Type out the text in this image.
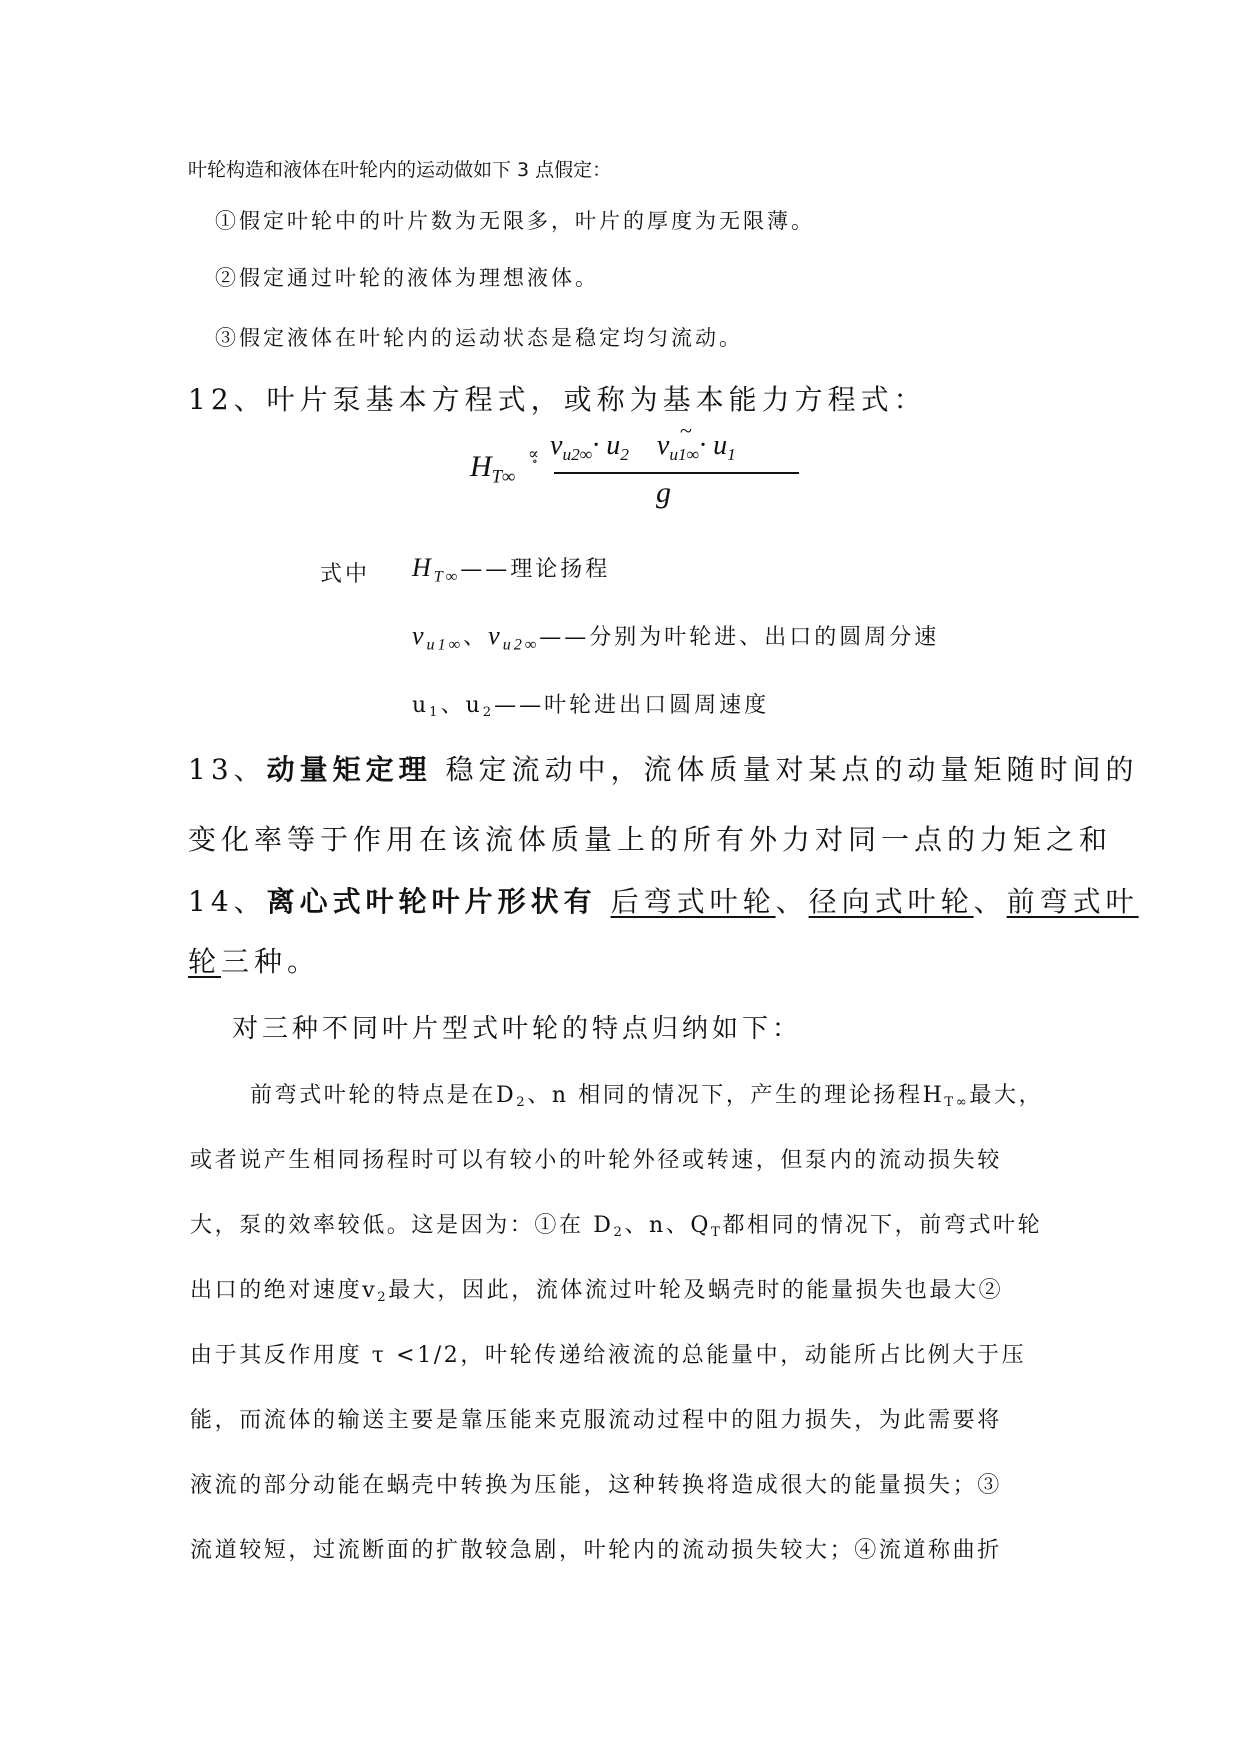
叶轮构造和液体在叶轮内的运动做如下 3 点假定：
①假定叶轮中的叶片数为无限多，叶片的厚度为无限薄。
②假定通过叶轮的液体为理想液体。
③假定液体在叶轮内的运动状态是稳定均匀流动。
12、叶片泵基本方程式，或称为基本能力方程式：
$H_{T\infty}$
∝̥ $v_{u2\infty}\cdot u_2$ $v_{u1\infty}\cdot u_1$
~
g
式中 $H_{T\infty}——$理论扬程
$v_{u1\infty}$、$v_{u2\infty}——$分别为叶轮进、出口的圆周分速
u1、u2——叶轮进出口圆周速度
13、动量矩定理 稳定流动中，流体质量对某点的动量矩随时间的
变化率等于作用在该流体质量上的所有外力对同一点的力矩之和
14、离心式叶轮叶片形状有 后弯式叶轮、径向式叶轮、前弯式叶
轮三种。
对三种不同叶片型式叶轮的特点归纳如下：
前弯式叶轮的特点是在D2、n 相同的情况下，产生的理论扬程HT∞最大，
或者说产生相同扬程时可以有较小的叶轮外径或转速，但泵内的流动损失较
大，泵的效率较低。这是因为：①在 D2、n、QT都相同的情况下，前弯式叶轮
出口的绝对速度v2最大，因此，流体流过叶轮及蜗壳时的能量损失也最大②
由于其反作用度 τ <1/2，叶轮传递给液流的总能量中，动能所占比例大于压
能，而流体的输送主要是靠压能来克服流动过程中的阻力损失，为此需要将
液流的部分动能在蜗壳中转换为压能，这种转换将造成很大的能量损失；③
流道较短，过流断面的扩散较急剧，叶轮内的流动损失较大；④流道称曲折
